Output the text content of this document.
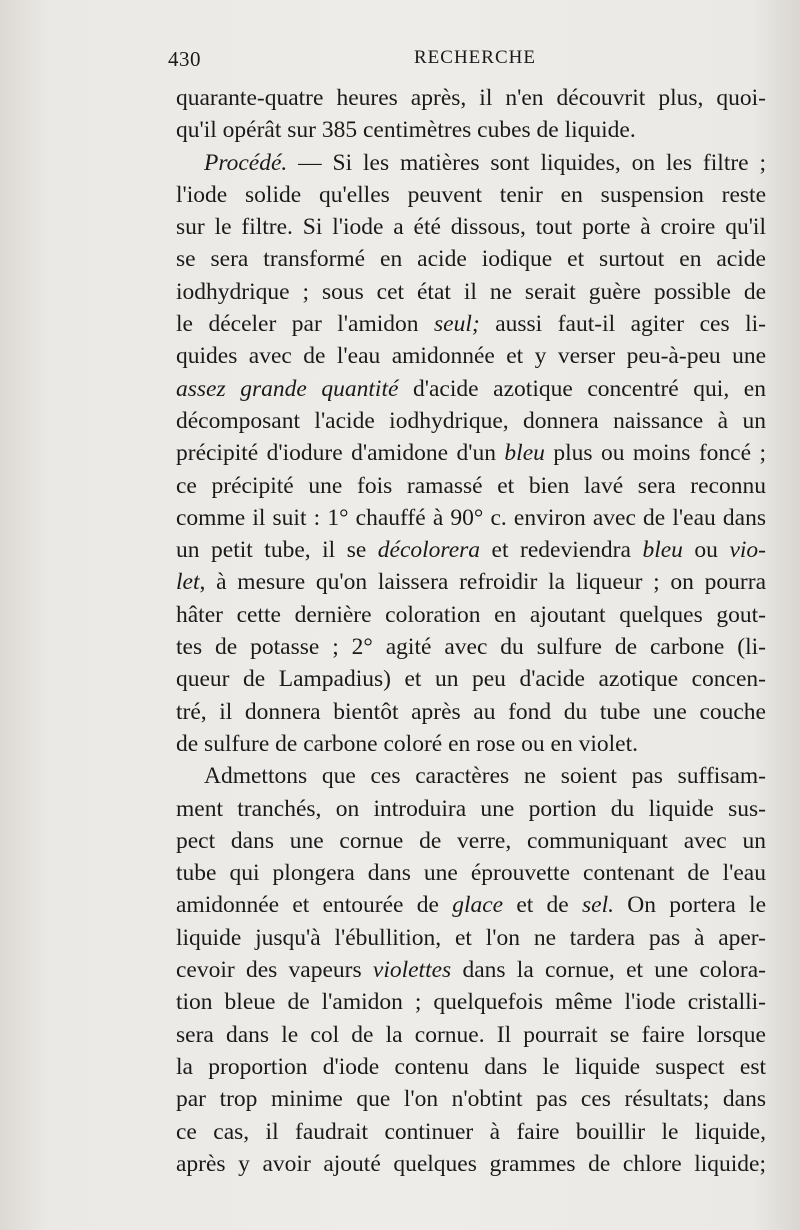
430	RECHERCHE
quarante-quatre heures après, il n'en découvrit plus, quoi-
qu'il opérât sur 385 centimètres cubes de liquide.
Procédé. — Si les matières sont liquides, on les filtre ;
l'iode solide qu'elles peuvent tenir en suspension reste
sur le filtre. Si l'iode a été dissous, tout porte à croire qu'il
se sera transformé en acide iodique et surtout en acide
iodhydrique ; sous cet état il ne serait guère possible de
le déceler par l'amidon seul; aussi faut-il agiter ces li-
quides avec de l'eau amidonnée et y verser peu-à-peu une
assez grande quantité d'acide azotique concentré qui, en
décomposant l'acide iodhydrique, donnera naissance à un
précipité d'iodure d'amidone d'un bleu plus ou moins foncé ;
ce précipité une fois ramassé et bien lavé sera reconnu
comme il suit : 1° chauffé à 90° c. environ avec de l'eau dans
un petit tube, il se décolorera et redeviendra bleu ou vio-
let, à mesure qu'on laissera refroidir la liqueur ; on pourra
hâter cette dernière coloration en ajoutant quelques gout-
tes de potasse ; 2° agité avec du sulfure de carbone (li-
queur de Lampadius) et un peu d'acide azotique concen-
tré, il donnera bientôt après au fond du tube une couche
de sulfure de carbone coloré en rose ou en violet.
Admettons que ces caractères ne soient pas suffisam-
ment tranchés, on introduira une portion du liquide sus-
pect dans une cornue de verre, communiquant avec un
tube qui plongera dans une éprouvette contenant de l'eau
amidonnée et entourée de glace et de sel. On portera le
liquide jusqu'à l'ébullition, et l'on ne tardera pas à aper-
cevoir des vapeurs violettes dans la cornue, et une colora-
tion bleue de l'amidon ; quelquefois même l'iode cristalli-
sera dans le col de la cornue. Il pourrait se faire lorsque
la proportion d'iode contenu dans le liquide suspect est
par trop minime que l'on n'obtint pas ces résultats; dans
ce cas, il faudrait continuer à faire bouillir le liquide,
après y avoir ajouté quelques grammes de chlore liquide;
